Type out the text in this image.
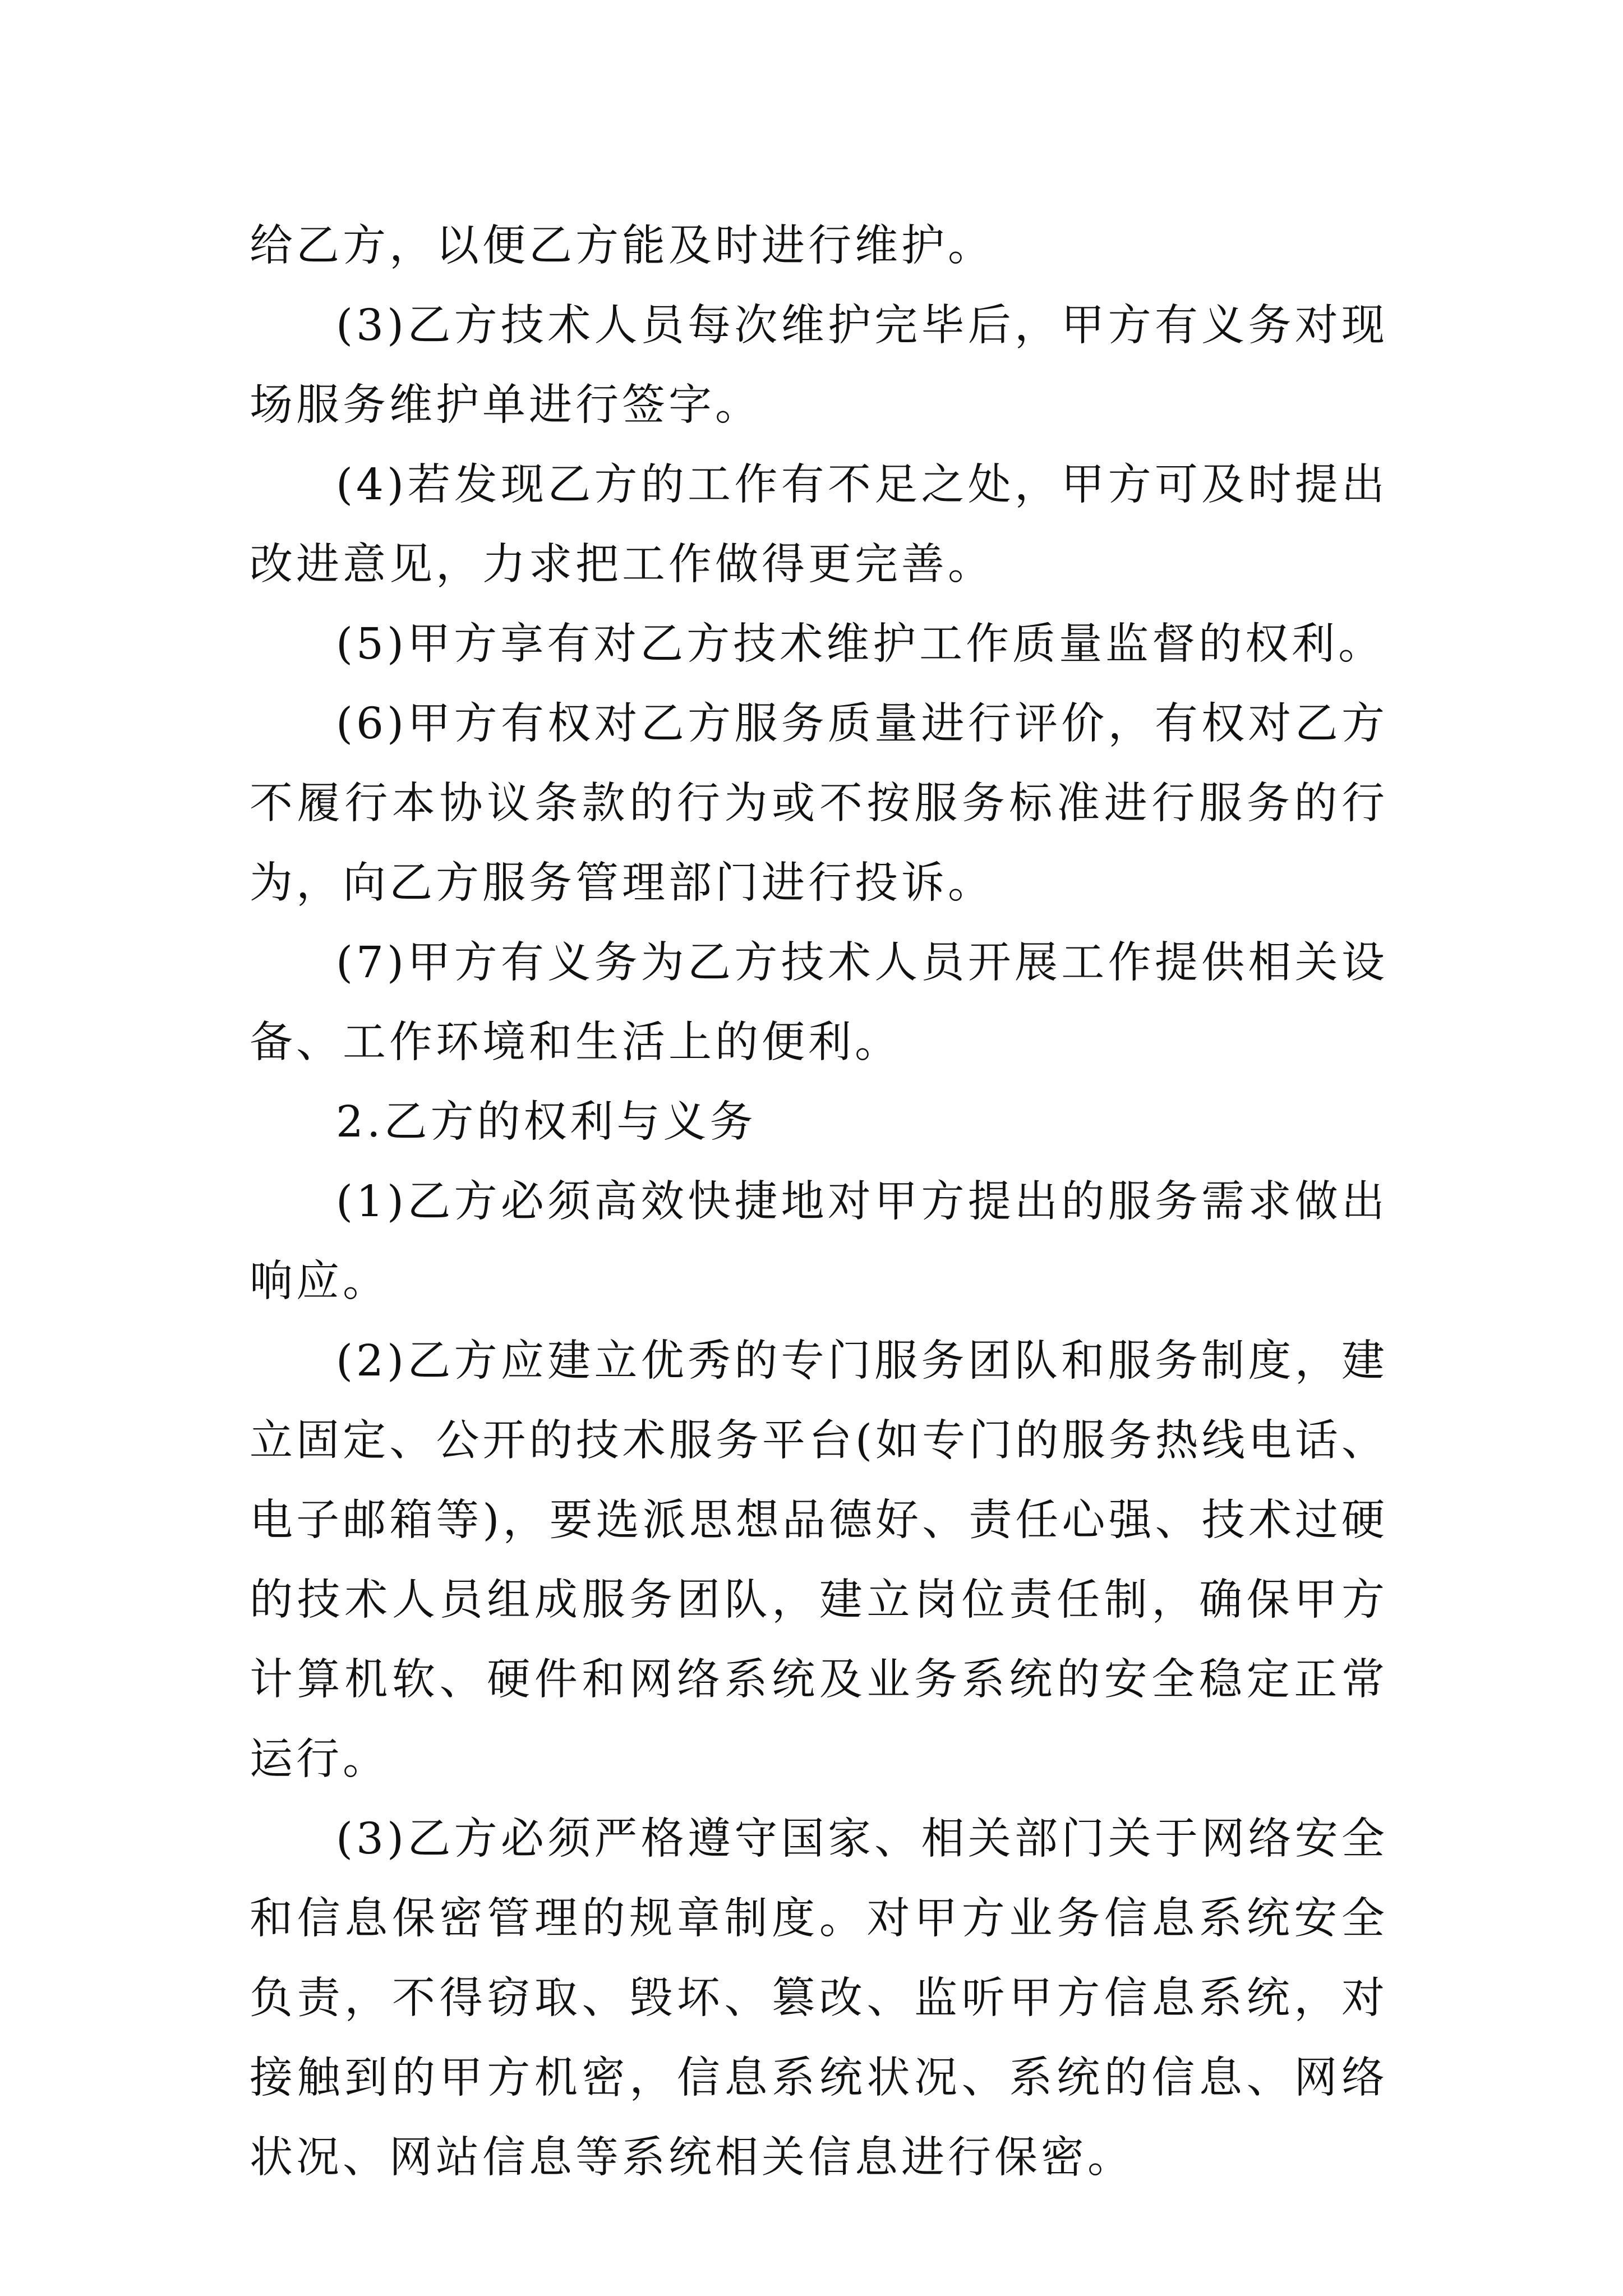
给乙方，以便乙方能及时进行维护。

(3)乙方技术人员每次维护完毕后，甲方有义务对现场服务维护单进行签字。

(4)若发现乙方的工作有不足之处，甲方可及时提出改进意见，力求把工作做得更完善。

(5)甲方享有对乙方技术维护工作质量监督的权利。

(6)甲方有权对乙方服务质量进行评价，有权对乙方不履行本协议条款的行为或不按服务标准进行服务的行为，向乙方服务管理部门进行投诉。

(7)甲方有义务为乙方技术人员开展工作提供相关设备、工作环境和生活上的便利。

2.乙方的权利与义务

(1)乙方必须高效快捷地对甲方提出的服务需求做出响应。

(2)乙方应建立优秀的专门服务团队和服务制度，建立固定、公开的技术服务平台(如专门的服务热线电话、电子邮箱等)，要选派思想品德好、责任心强、技术过硬的技术人员组成服务团队，建立岗位责任制，确保甲方计算机软、硬件和网络系统及业务系统的安全稳定正常运行。

(3)乙方必须严格遵守国家、相关部门关于网络安全和信息保密管理的规章制度。对甲方业务信息系统安全负责，不得窃取、毁坏、篡改、监听甲方信息系统，对接触到的甲方机密，信息系统状况、系统的信息、网络状况、网站信息等系统相关信息进行保密。
